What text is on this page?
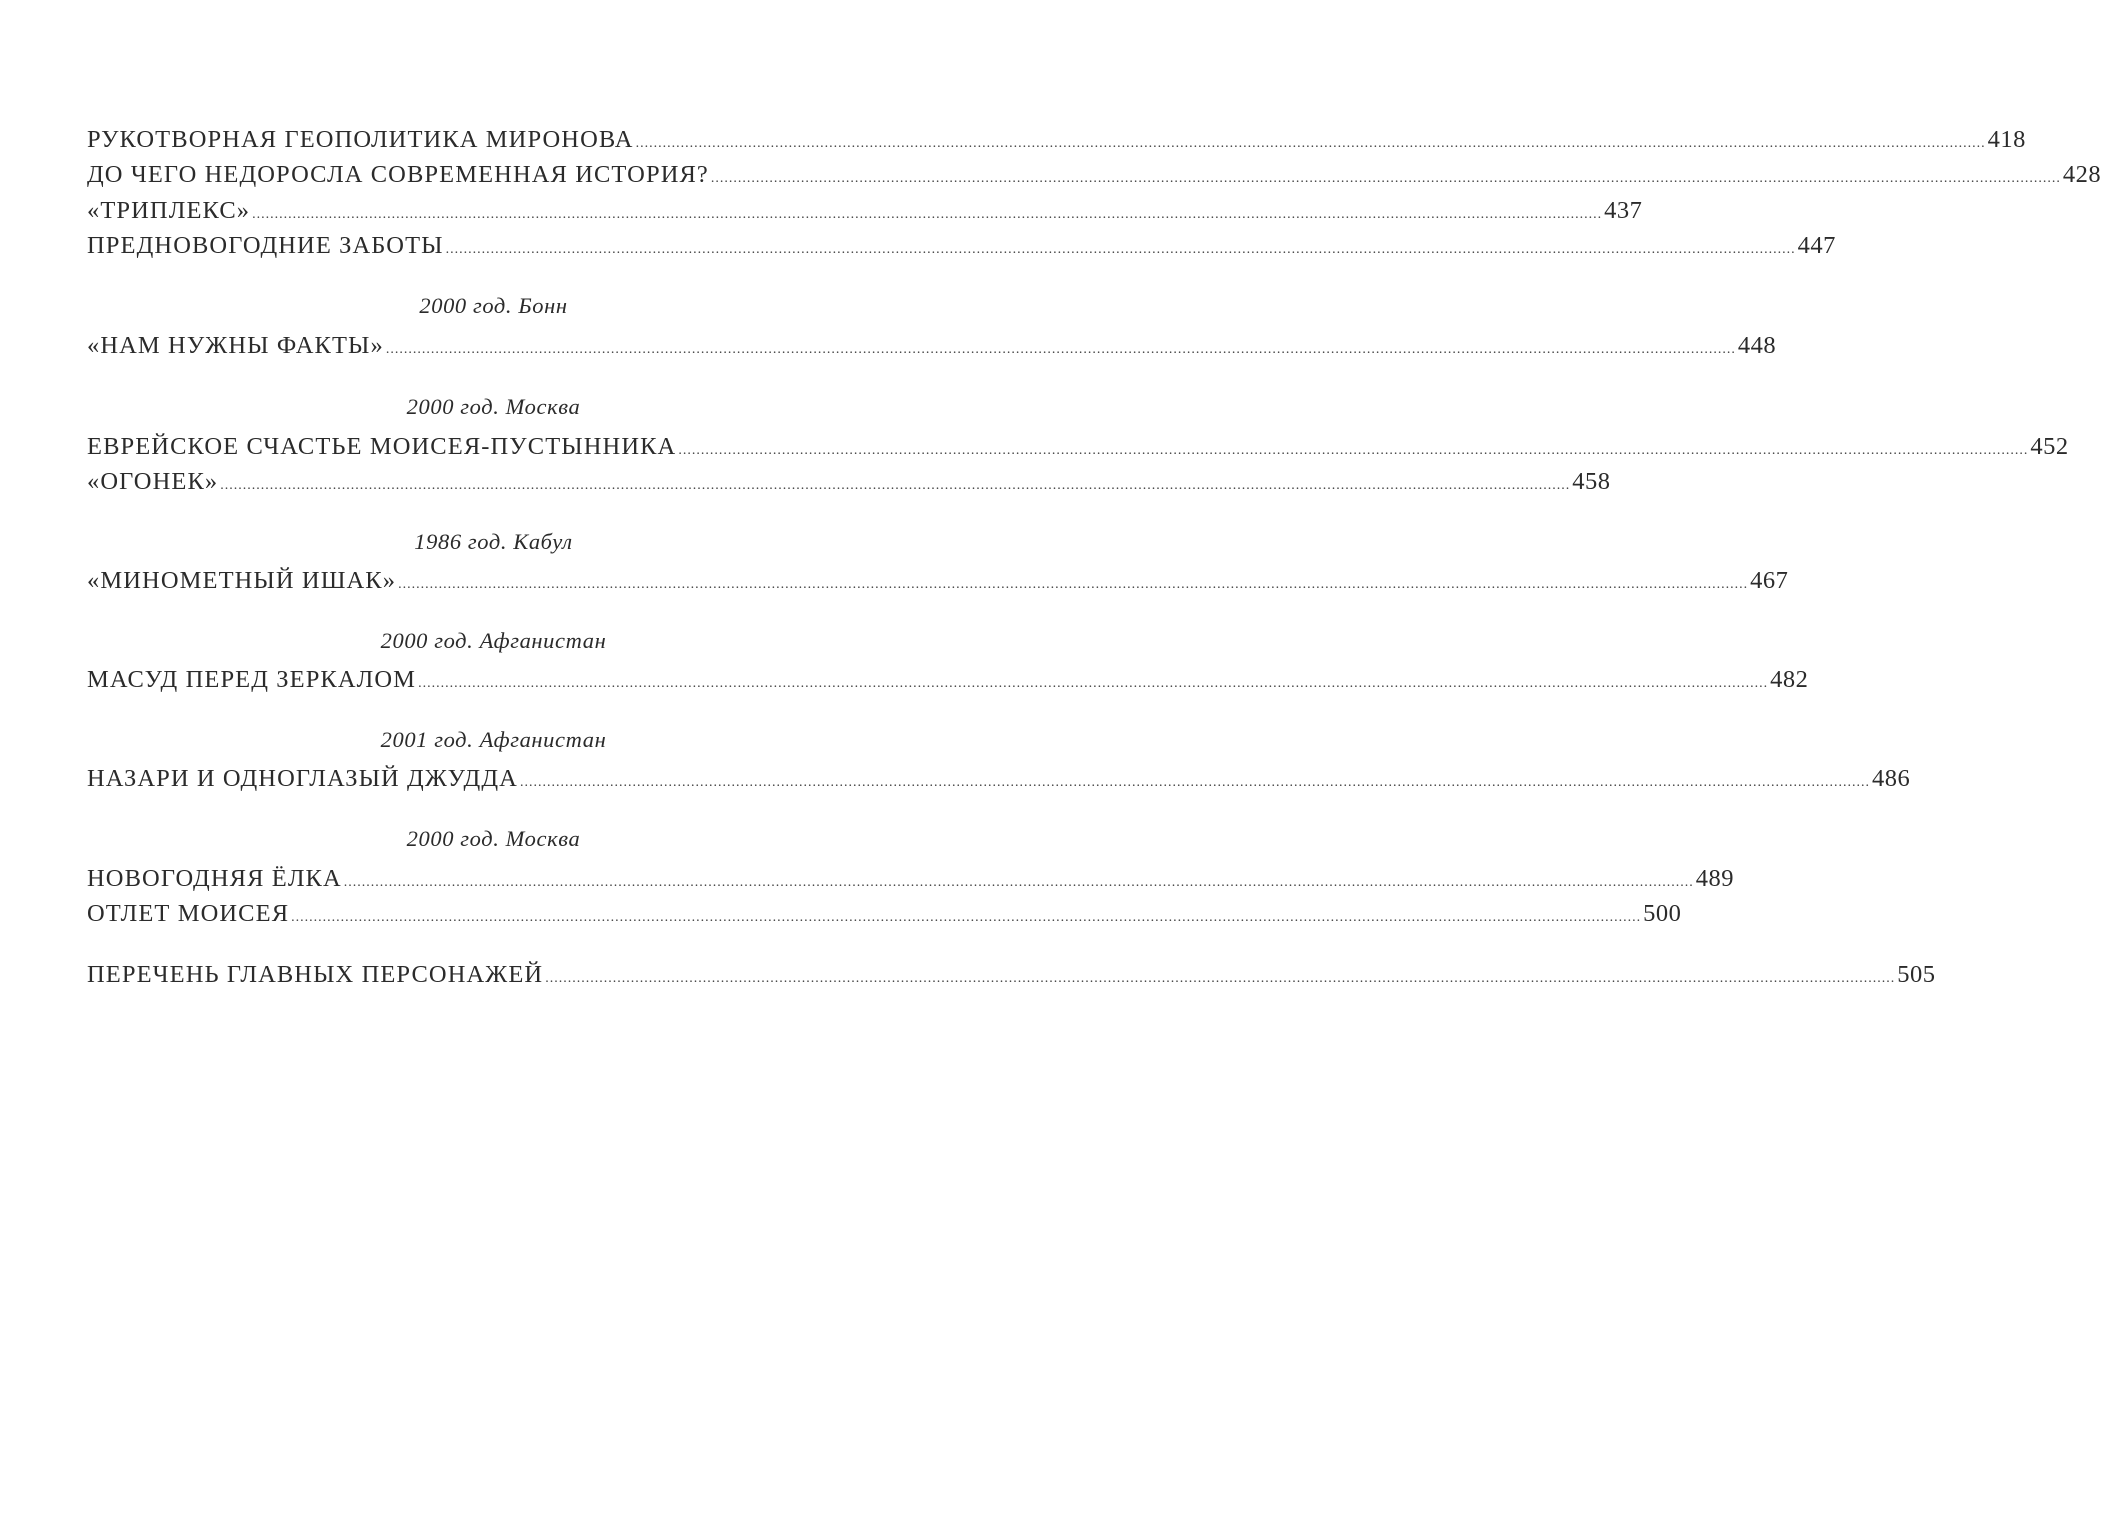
РУКОТВОРНАЯ ГЕОПОЛИТИКА МИРОНОВА ............................................................................................................................................................................................................................................................................................................ 418
ДО ЧЕГО НЕДОРОСЛА СОВРЕМЕННАЯ ИСТОРИЯ? ............................................................................................................................................................................................................................................................................................................ 428
«ТРИПЛЕКС» ............................................................................................................................................................................................................................................................................................................ 437
ПРЕДНОВОГОДНИЕ ЗАБОТЫ ............................................................................................................................................................................................................................................................................................................ 447
2000 год. Бонн
«НАМ НУЖНЫ ФАКТЫ» ............................................................................................................................................................................................................................................................................................................ 448
2000 год. Москва
ЕВРЕЙСКОЕ СЧАСТЬЕ МОИСЕЯ-ПУСТЫННИКА ............................................................................................................................................................................................................................................................................................................ 452
«ОГОНЕК» ............................................................................................................................................................................................................................................................................................................ 458
1986 год. Кабул
«МИНОМЕТНЫЙ ИШАК» ............................................................................................................................................................................................................................................................................................................ 467
2000 год. Афганистан
МАСУД ПЕРЕД ЗЕРКАЛОМ ............................................................................................................................................................................................................................................................................................................ 482
2001 год. Афганистан
НАЗАРИ И ОДНОГЛАЗЫЙ ДЖУДДА ............................................................................................................................................................................................................................................................................................................ 486
2000 год. Москва
НОВОГОДНЯЯ ЁЛКА ............................................................................................................................................................................................................................................................................................................ 489
ОТЛЕТ МОИСЕЯ ............................................................................................................................................................................................................................................................................................................ 500
ПЕРЕЧЕНЬ ГЛАВНЫХ ПЕРСОНАЖЕЙ ............................................................................................................................................................................................................................................................................................................ 505
